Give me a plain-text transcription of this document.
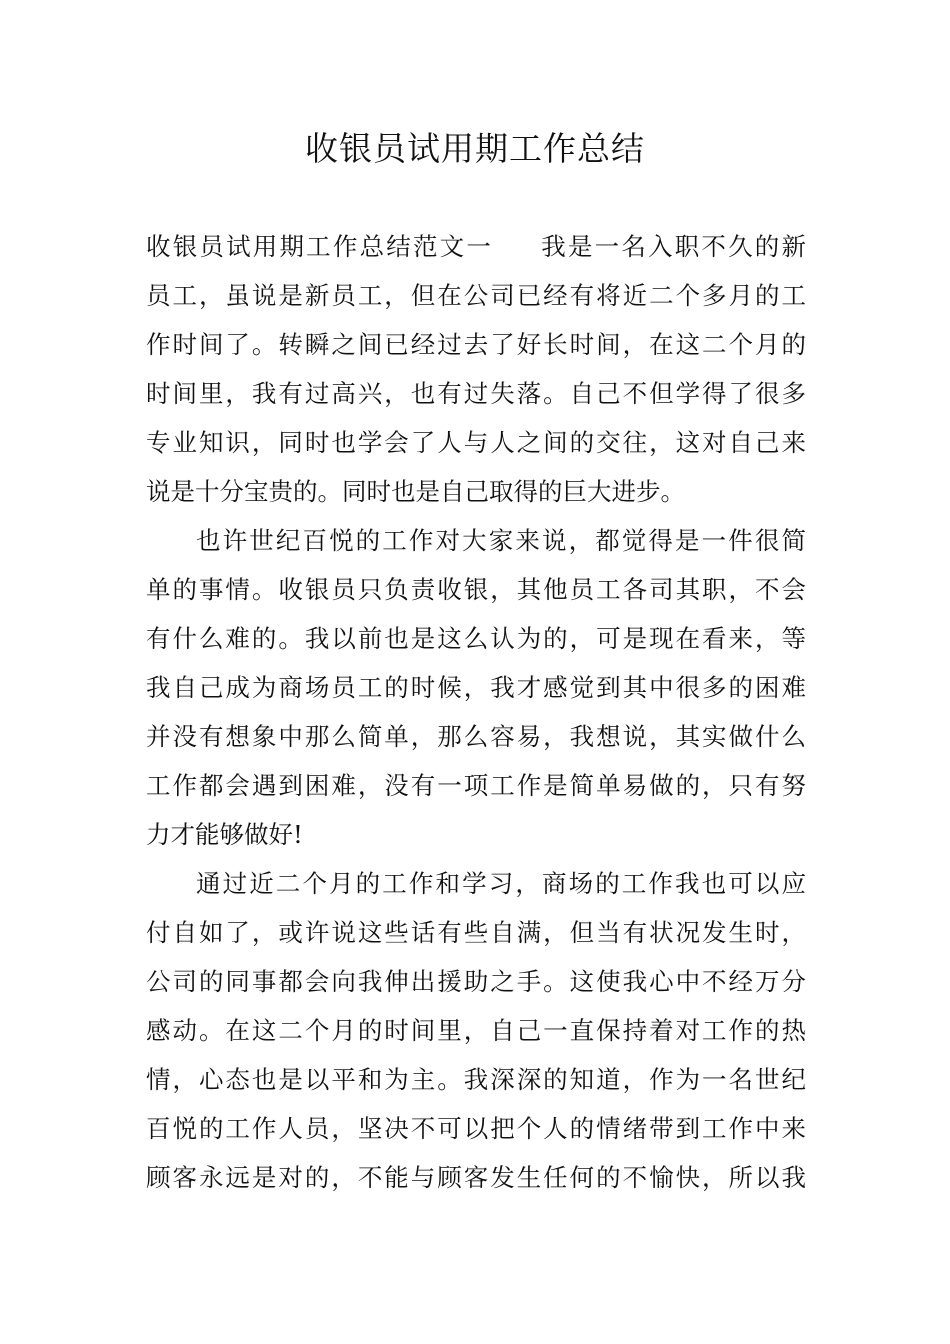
收银员试用期工作总结
收银员试用期工作总结范文一 我是一名入职不久的新
员工，虽说是新员工，但在公司已经有将近二个多月的工
作时间了。转瞬之间已经过去了好长时间，在这二个月的
时间里，我有过高兴，也有过失落。自己不但学得了很多
专业知识，同时也学会了人与人之间的交往，这对自己来
说是十分宝贵的。同时也是自己取得的巨大进步。
也许世纪百悦的工作对大家来说，都觉得是一件很简
单的事情。收银员只负责收银，其他员工各司其职，不会
有什么难的。我以前也是这么认为的，可是现在看来，等
我自己成为商场员工的时候，我才感觉到其中很多的困难
并没有想象中那么简单，那么容易，我想说，其实做什么
工作都会遇到困难，没有一项工作是简单易做的，只有努
力才能够做好!
通过近二个月的工作和学习，商场的工作我也可以应
付自如了，或许说这些话有些自满，但当有状况发生时，
公司的同事都会向我伸出援助之手。这使我心中不经万分
感动。在这二个月的时间里，自己一直保持着对工作的热
情，心态也是以平和为主。我深深的知道，作为一名世纪
百悦的工作人员，坚决不可以把个人的情绪带到工作中来
顾客永远是对的，不能与顾客发生任何的不愉快，所以我
